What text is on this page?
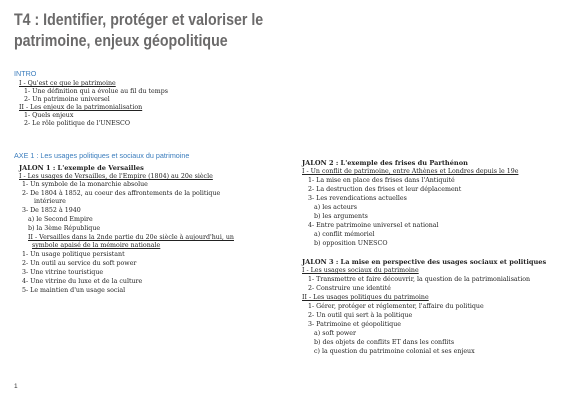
T4 : Identifier, protéger et valoriser le
patrimoine, enjeux géopolitique
INTRO
I - Qu'est ce que le patrimoine
1- Une définition qui a évolue au fil du temps
2- Un patrimoine universel
II - Les enjeux de la patrimonialisation
1- Quels enjeux
2- Le rôle politique de l'UNESCO
AXE 1 : Les usages politiques et sociaux du patrimoine
JALON 1 : L'exemple de Versailles
I - Les usages de Versailles, de l'Empire (1804) au 20e siècle
1- Un symbole de la monarchie absolue
2- De 1804 à 1852, au coeur des affrontements de la politique
intérieure
3- De 1852 à 1940
a) le Second Empire
b) la 3ème République
II - Versailles dans la 2nde partie du 20e siècle à aujourd'hui, un
symbole apaisé de la mémoire nationale
1- Un usage politique persistant
2- Un outil au service du soft power
3- Une vitrine touristique
4- Une vitrine du luxe et de la culture
5- Le maintien d'un usage social
JALON 2 : L'exemple des frises du Parthénon
I - Un conflit de patrimoine, entre Athènes et Londres depuis le 19e
1- La mise en place des frises dans l'Antiquité
2- La destruction des frises et leur déplacement
3- Les revendications actuelles
a) les acteurs
b) les arguments
4- Entre patrimoine universel et national
a) conflit mémoriel
b) opposition UNESCO
JALON 3 : La mise en perspective des usages sociaux et politiques
I - Les usages sociaux du patrimoine
1- Transmettre et faire découvrir, la question de la patrimonialisation
2- Construire une identité
II - Les usages politiques du patrimoine
1- Gérer, protéger et réglementer, l'affaire du politique
2- Un outil qui sert à la politique
3- Patrimoine et géopolitique
a) soft power
b) des objets de conflits ET dans les conflits
c) la question du patrimoine colonial et ses enjeux
1
